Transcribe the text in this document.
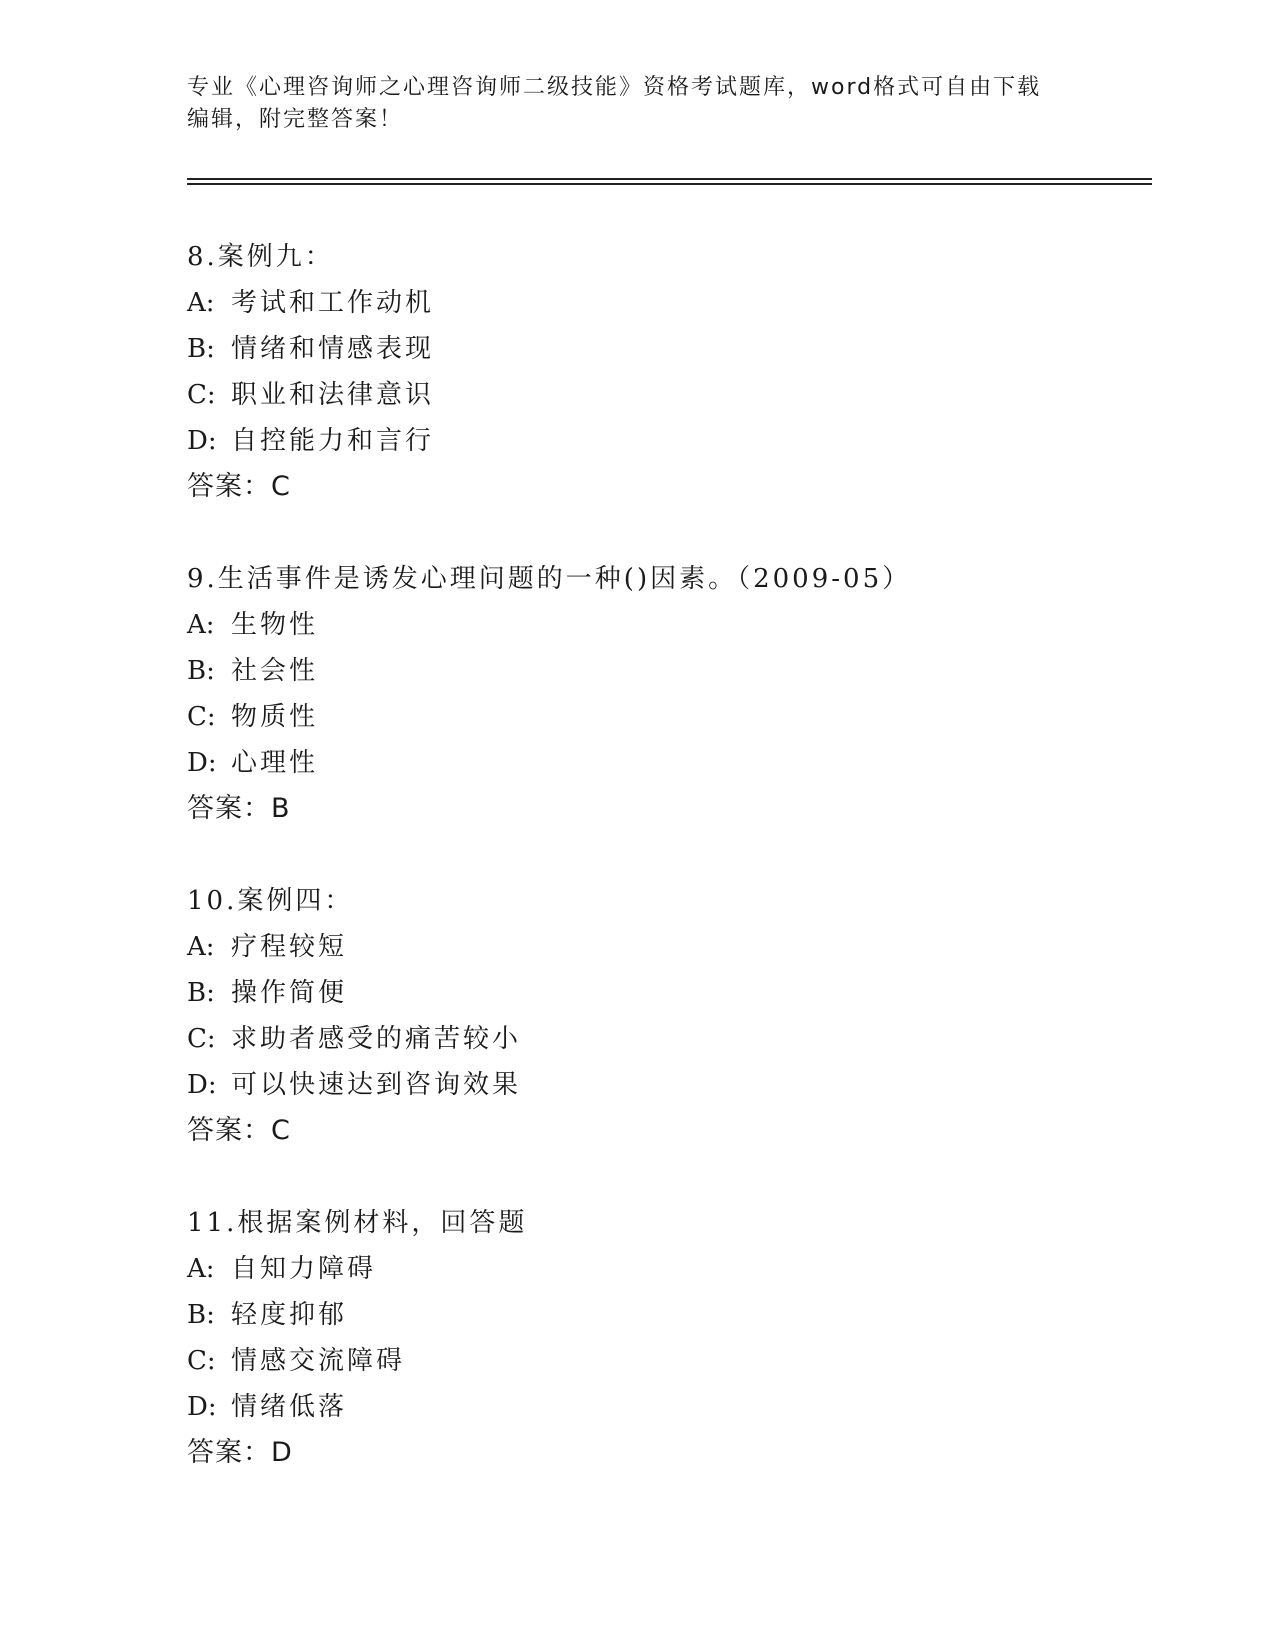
专业《心理咨询师之心理咨询师二级技能》资格考试题库，word格式可自由下载
编辑，附完整答案！
8.案例九：
A: 考试和工作动机
B: 情绪和情感表现
C: 职业和法律意识
D: 自控能力和言行
答案：C
9.生活事件是诱发心理问题的一种()因素。（2009-05）
A: 生物性
B: 社会性
C: 物质性
D: 心理性
答案：B
10.案例四：
A: 疗程较短
B: 操作简便
C: 求助者感受的痛苦较小
D: 可以快速达到咨询效果
答案：C
11.根据案例材料，回答题
A: 自知力障碍
B: 轻度抑郁
C: 情感交流障碍
D: 情绪低落
答案：D
